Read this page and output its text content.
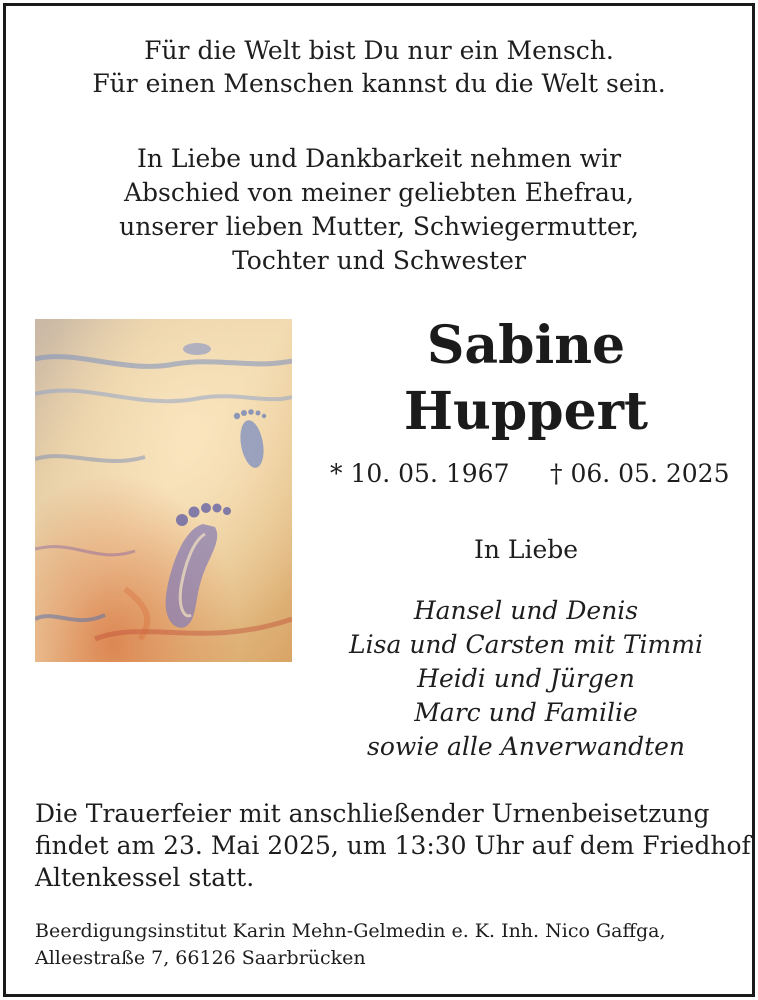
Für die Welt bist Du nur ein Mensch.
Für einen Menschen kannst du die Welt sein.
In Liebe und Dankbarkeit nehmen wir
Abschied von meiner geliebten Ehefrau,
unserer lieben Mutter, Schwiegermutter,
Tochter und Schwester
Sabine
Huppert
* 10. 05. 1967 † 06. 05. 2025
In Liebe
Hansel und Denis
Lisa und Carsten mit Timmi
Heidi und Jürgen
Marc und Familie
sowie alle Anverwandten
Die Trauerfeier mit anschließender Urnenbeisetzung
findet am 23. Mai 2025, um 13:30 Uhr auf dem Friedhof
Altenkessel statt.
Beerdigungsinstitut Karin Mehn-Gelmedin e. K. Inh. Nico Gaffga,
Alleestraße 7, 66126 Saarbrücken
